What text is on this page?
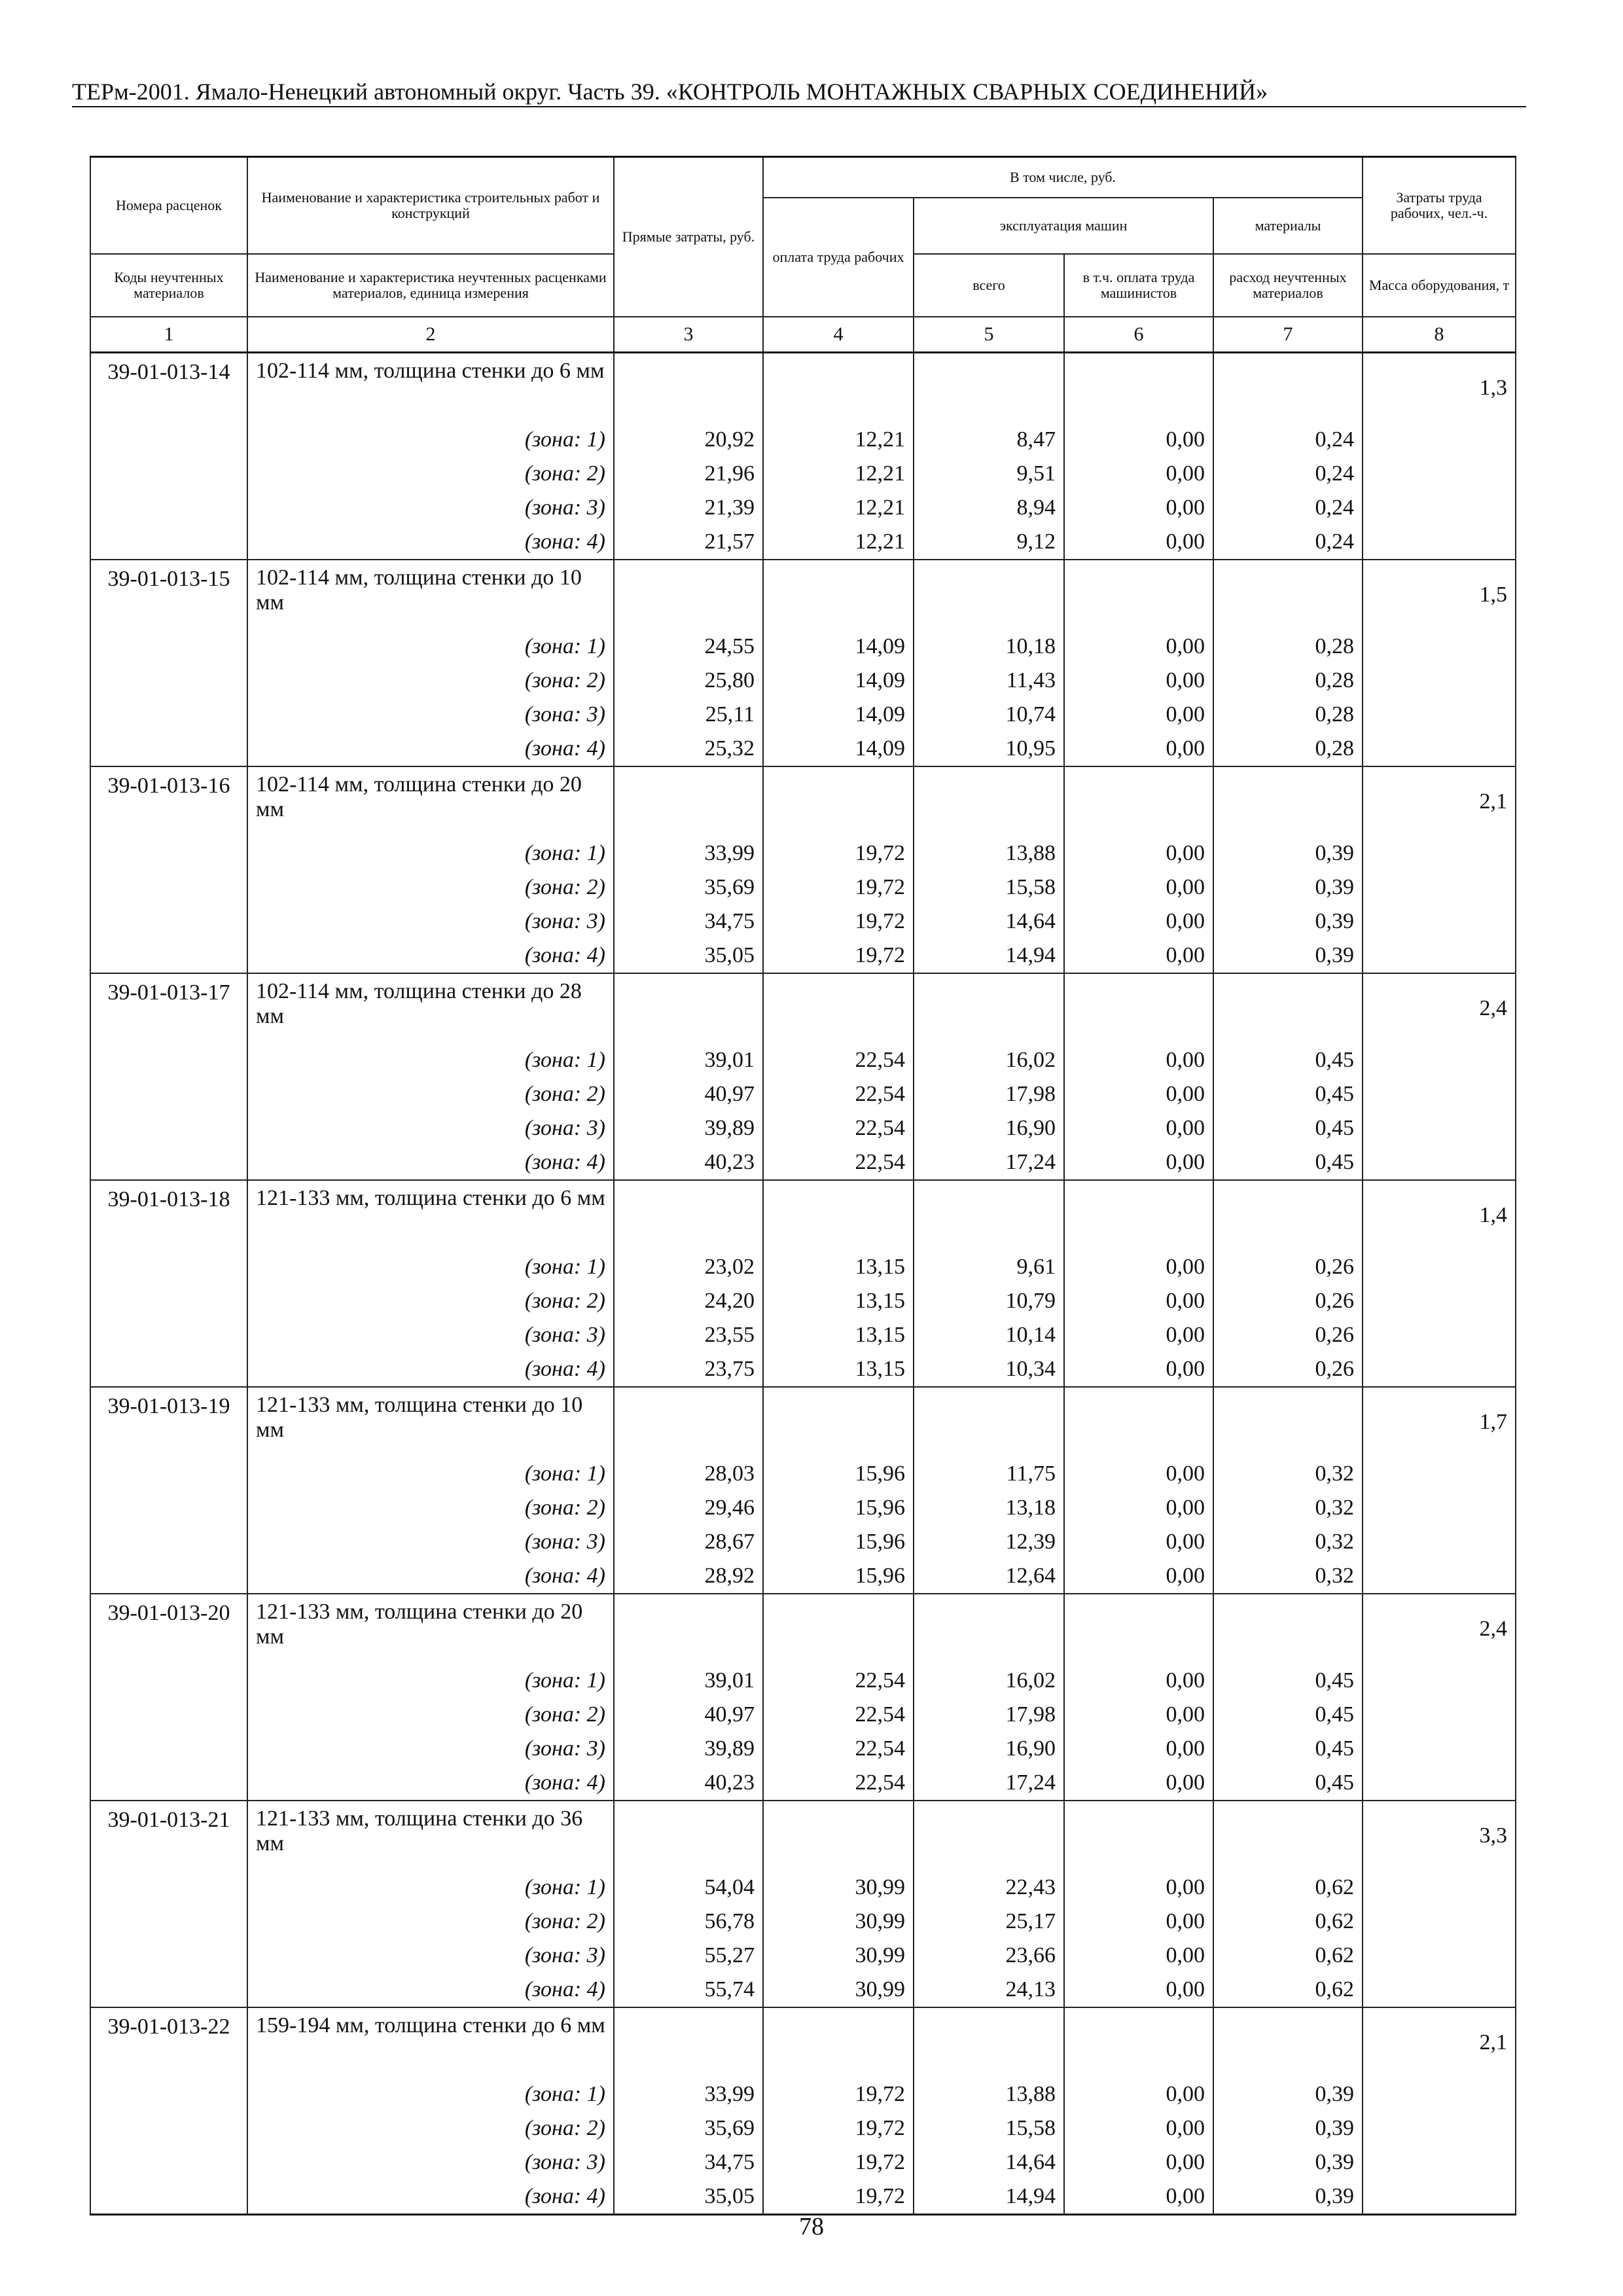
ТЕРм-2001. Ямало-Ненецкий автономный округ. Часть 39. «КОНТРОЛЬ МОНТАЖНЫХ СВАРНЫХ СОЕДИНЕНИЙ»
Номера расценок	Наименование и характеристика строительных работ и конструкций	Прямые затраты, руб.	В том числе, руб.				Затраты труда рабочих, чел.-ч.
			оплата труда рабочих	эксплуатация машин		материалы	
Коды неучтенных материалов	Наименование и характеристика неучтенных расценками материалов, единица измерения			всего	в т.ч. оплата труда машинистов	расход неучтенных материалов	Масса оборудования, т
1	2	3	4	5	6	7	8
39-01-013-14	102-114 мм, толщина стенки до 6 мм						1,3
	(зона: 1)	20,92	12,21	8,47	0,00	0,24	
	(зона: 2)	21,96	12,21	9,51	0,00	0,24	
	(зона: 3)	21,39	12,21	8,94	0,00	0,24	
	(зона: 4)	21,57	12,21	9,12	0,00	0,24	
39-01-013-15	102-114 мм, толщина стенки до 10 мм						1,5
	(зона: 1)	24,55	14,09	10,18	0,00	0,28	
	(зона: 2)	25,80	14,09	11,43	0,00	0,28	
	(зона: 3)	25,11	14,09	10,74	0,00	0,28	
	(зона: 4)	25,32	14,09	10,95	0,00	0,28	
39-01-013-16	102-114 мм, толщина стенки до 20 мм						2,1
	(зона: 1)	33,99	19,72	13,88	0,00	0,39	
	(зона: 2)	35,69	19,72	15,58	0,00	0,39	
	(зона: 3)	34,75	19,72	14,64	0,00	0,39	
	(зона: 4)	35,05	19,72	14,94	0,00	0,39	
39-01-013-17	102-114 мм, толщина стенки до 28 мм						2,4
	(зона: 1)	39,01	22,54	16,02	0,00	0,45	
	(зона: 2)	40,97	22,54	17,98	0,00	0,45	
	(зона: 3)	39,89	22,54	16,90	0,00	0,45	
	(зона: 4)	40,23	22,54	17,24	0,00	0,45	
39-01-013-18	121-133 мм, толщина стенки до 6 мм						1,4
	(зона: 1)	23,02	13,15	9,61	0,00	0,26	
	(зона: 2)	24,20	13,15	10,79	0,00	0,26	
	(зона: 3)	23,55	13,15	10,14	0,00	0,26	
	(зона: 4)	23,75	13,15	10,34	0,00	0,26	
39-01-013-19	121-133 мм, толщина стенки до 10 мм						1,7
	(зона: 1)	28,03	15,96	11,75	0,00	0,32	
	(зона: 2)	29,46	15,96	13,18	0,00	0,32	
	(зона: 3)	28,67	15,96	12,39	0,00	0,32	
	(зона: 4)	28,92	15,96	12,64	0,00	0,32	
39-01-013-20	121-133 мм, толщина стенки до 20 мм						2,4
	(зона: 1)	39,01	22,54	16,02	0,00	0,45	
	(зона: 2)	40,97	22,54	17,98	0,00	0,45	
	(зона: 3)	39,89	22,54	16,90	0,00	0,45	
	(зона: 4)	40,23	22,54	17,24	0,00	0,45	
39-01-013-21	121-133 мм, толщина стенки до 36 мм						3,3
	(зона: 1)	54,04	30,99	22,43	0,00	0,62	
	(зона: 2)	56,78	30,99	25,17	0,00	0,62	
	(зона: 3)	55,27	30,99	23,66	0,00	0,62	
	(зона: 4)	55,74	30,99	24,13	0,00	0,62	
39-01-013-22	159-194 мм, толщина стенки до 6 мм						2,1
	(зона: 1)	33,99	19,72	13,88	0,00	0,39	
	(зона: 2)	35,69	19,72	15,58	0,00	0,39	
	(зона: 3)	34,75	19,72	14,64	0,00	0,39	
	(зона: 4)	35,05	19,72	14,94	0,00	0,39	
78
